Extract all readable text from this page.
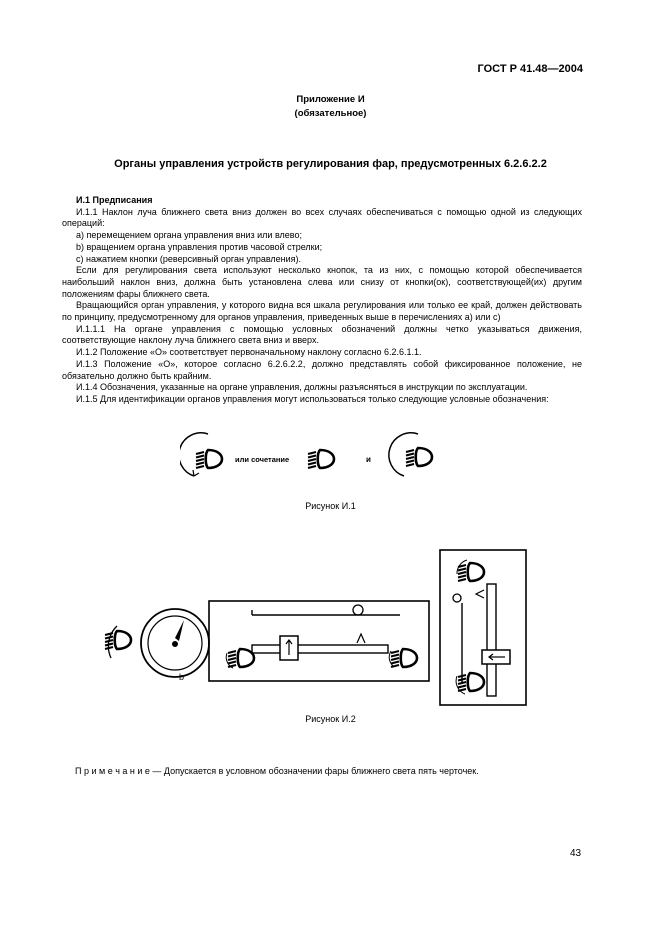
ГОСТ Р 41.48—2004
Приложение И
(обязательное)
Органы управления устройств регулирования фар, предусмотренных 6.2.6.2.2

И.1 Предписания

И.1.1 Наклон луча ближнего света вниз должен во всех случаях обеспечиваться с помощью одной из следующих операций:

а) перемещением органа управления вниз или влево;

b) вращением органа управления против часовой стрелки;

с) нажатием кнопки (реверсивный орган управления).

Если для регулирования света используют несколько кнопок, та из них, с помощью которой обеспечивается наибольший наклон вниз, должна быть установлена слева или снизу от кнопки(ок), соответствующей(их) другим положениям фары ближнего света.

Вращающийся орган управления, у которого видна вся шкала регулирования или только ее край, должен действовать по принципу, предусмотренному для органов управления, приведенных выше в перечислениях а) или с)

И.1.1.1 На органе управления с помощью условных обозначений должны четко указываться движения, соответствующие наклону луча ближнего света вниз и вверх.

И.1.2 Положение «О» соответствует первоначальному наклону согласно 6.2.6.1.1.

И.1.3 Положение «О», которое согласно 6.2.6.2.2, должно представлять собой фиксированное положение, не обязательно должно быть крайним.

И.1.4 Обозначения, указанные на органе управления, должны разъясняться в инструкции по эксплуатации.

И.1.5 Для идентификации органов управления могут использоваться только следующие условные обозначения:

или сочетание	и
Рисунок И.1
b
A
O
Рисунок И.2
П р и м е ч а н и е — Допускается в условном обозначении фары ближнего света пять черточек.
43
